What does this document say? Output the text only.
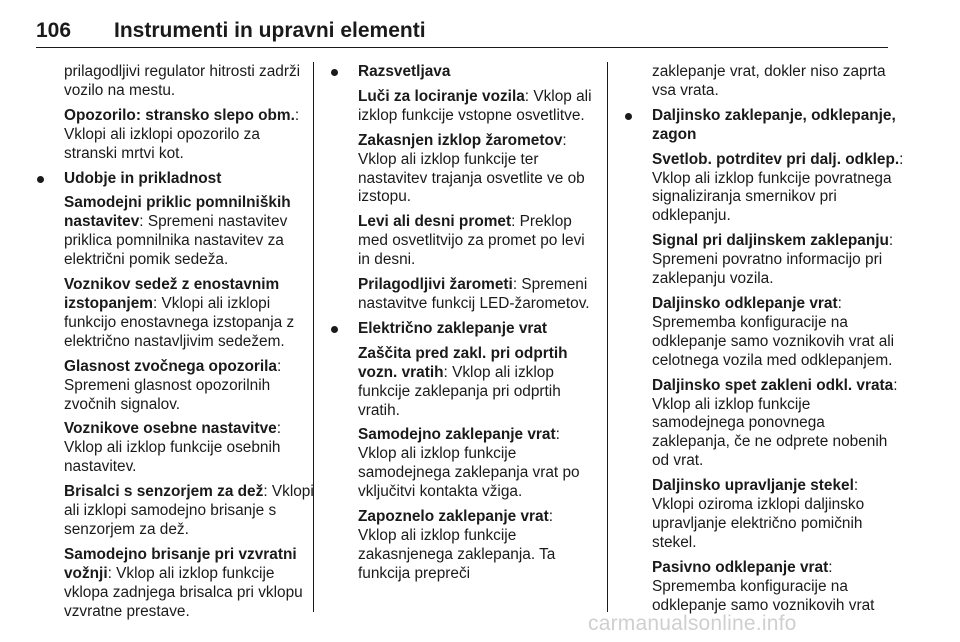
106	Instrumenti in upravni elementi

prilagodljivi regulator hitrosti zadrži vozilo na mestu.

Opozorilo: stransko slepo obm.: Vklopi ali izklopi opozorilo za stranski mrtvi kot.

Udobje in prikladnost

Samodejni priklic pomnilniških nastavitev: Spremeni nastavitev priklica pomnilnika nastavitev za električni pomik sedeža.

Voznikov sedež z enostavnim izstopanjem: Vklopi ali izklopi funkcijo enostavnega izstopanja z električno nastavljivim sedežem.

Glasnost zvočnega opozorila: Spremeni glasnost opozorilnih zvočnih signalov.

Voznikove osebne nastavitve: Vklop ali izklop funkcije osebnih nastavitev.

Brisalci s senzorjem za dež: Vklopi ali izklopi samodejno brisanje s senzorjem za dež.

Samodejno brisanje pri vzvratni vožnji: Vklop ali izklop funkcije vklopa zadnjega brisalca pri vklopu vzvratne prestave.

Razsvetljava

Luči za lociranje vozila: Vklop ali izklop funkcije vstopne osvetlitve.

Zakasnjen izklop žarometov: Vklop ali izklop funkcije ter nastavitev trajanja osvetlite ve ob izstopu.

Levi ali desni promet: Preklop med osvetlitvijo za promet po levi in desni.

Prilagodljivi žarometi: Spremeni nastavitve funkcij LED-žarometov.

Električno zaklepanje vrat

Zaščita pred zakl. pri odprtih vozn. vratih: Vklop ali izklop funkcije zaklepanja pri odprtih vratih.

Samodejno zaklepanje vrat: Vklop ali izklop funkcije samodejnega zaklepanja vrat po vključitvi kontakta vžiga.

Zapoznelo zaklepanje vrat: Vklop ali izklop funkcije zakasnjenega zaklepanja. Ta funkcija prepreči

zaklepanje vrat, dokler niso zaprta vsa vrata.

Daljinsko zaklepanje, odklepanje, zagon

Svetlob. potrditev pri dalj. odklep.: Vklop ali izklop funkcije povratnega signaliziranja smernikov pri odklepanju.

Signal pri daljinskem zaklepanju: Spremeni povratno informacijo pri zaklepanju vozila.

Daljinsko odklepanje vrat: Sprememba konfiguracije na odklepanje samo voznikovih vrat ali celotnega vozila med odklepanjem.

Daljinsko spet zakleni odkl. vrata: Vklop ali izklop funkcije samodejnega ponovnega zaklepanja, če ne odprete nobenih od vrat.

Daljinsko upravljanje stekel: Vklopi oziroma izklopi daljinsko upravljanje električno pomičnih stekel.

Pasivno odklepanje vrat: Sprememba konfiguracije na odklepanje samo voznikovih vrat

carmanualsonline.info
